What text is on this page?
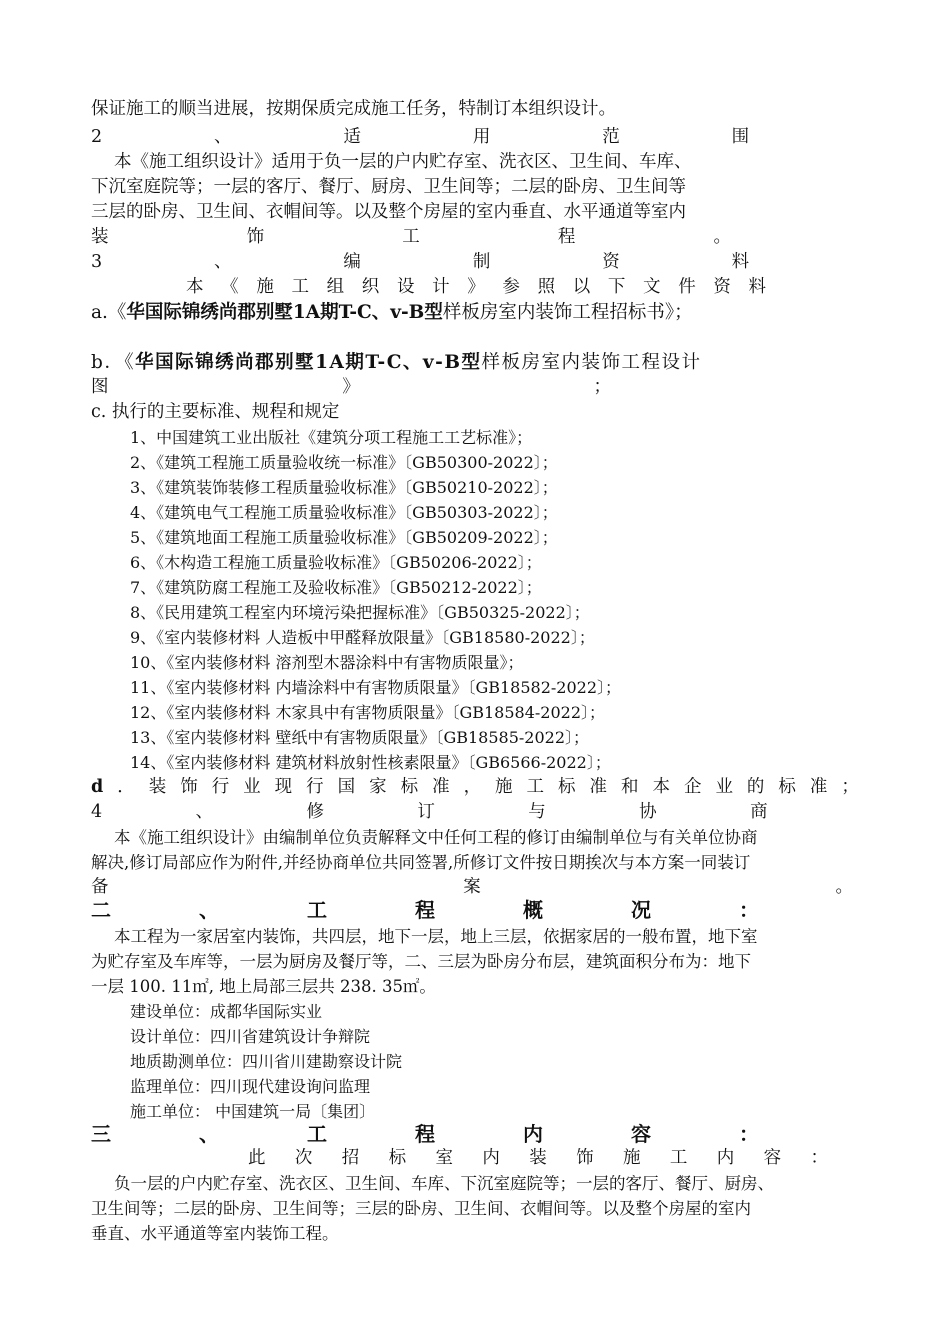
保证施工的顺当进展，按期保质完成施工任务，特制订本组织设计。
2	、	适	用	范	围
本《施工组织设计》适用于负一层的户内贮存室、洗衣区、卫生间、车库、
下沉室庭院等；一层的客厅、餐厅、厨房、卫生间等；二层的卧房、卫生间等
三层的卧房、卫生间、衣帽间等。以及整个房屋的室内垂直、水平通道等室内
装	饰	工	程	。
3	、	编	制	资	料
本 《 施 工 组 织 设 计 》 参 照 以 下 文 件 资 料
a.《华国际锦绣尚郡别墅1A期T-C、v-B型样板房室内装饰工程招标书》；
b．《华国际锦绣尚郡别墅1A期T-C、v-B型样板房室内装饰工程设计
图	》	；
c. 执行的主要标准、规程和规定
1、中国建筑工业出版社《建筑分项工程施工工艺标准》；
2、《建筑工程施工质量验收统一标准》〔GB50300-2022〕；
3、《建筑装饰装修工程质量验收标准》〔GB50210-2022〕；
4、《建筑电气工程施工质量验收标准》〔GB50303-2022〕；
5、《建筑地面工程施工质量验收标准》〔GB50209-2022〕；
6、《木构造工程施工质量验收标准》〔GB50206-2022〕；
7、《建筑防腐工程施工及验收标准》〔GB50212-2022〕；
8、《民用建筑工程室内环境污染把握标准》〔GB50325-2022〕；
9、《室内装修材料 人造板中甲醛释放限量》〔GB18580-2022〕；
10、《室内装修材料 溶剂型木器涂料中有害物质限量》；
11、《室内装修材料 内墙涂料中有害物质限量》〔GB18582-2022〕；
12、《室内装修材料 木家具中有害物质限量》〔GB18584-2022〕；
13、《室内装修材料 壁纸中有害物质限量》〔GB18585-2022〕；
14、《室内装修材料 建筑材料放射性核素限量》〔GB6566-2022〕；
d ． 装 饰 行 业 现 行 国 家 标 准 ， 施 工 标 准 和 本 企 业 的 标 准 ；
4	、	修	订	与	协	商
本《施工组织设计》由编制单位负责解释文中任何工程的修订由编制单位与有关单位协商
解决,修订局部应作为附件,并经协商单位共同签署,所修订文件按日期挨次与本方案一同装订
备	案	。
二	、	工	程	概	况	：
本工程为一家居室内装饰，共四层，地下一层，地上三层，依据家居的一般布置，地下室
为贮存室及车库等，一层为厨房及餐厅等，二、三层为卧房分布层，建筑面积分布为：地下
一层 100. 11㎡, 地上局部三层共 238. 35㎡。
建设单位：成都华国际实业
设计单位：四川省建筑设计争辩院
地质勘测单位：四川省川建勘察设计院
监理单位：四川现代建设询问监理
施工单位： 中国建筑一局〔集团〕
三	、	工	程	内	容	：
此 次 招 标 室 内 装 饰 施 工 内 容 ：
负一层的户内贮存室、洗衣区、卫生间、车库、下沉室庭院等；一层的客厅、餐厅、厨房、
卫生间等；二层的卧房、卫生间等；三层的卧房、卫生间、衣帽间等。以及整个房屋的室内
垂直、水平通道等室内装饰工程。
